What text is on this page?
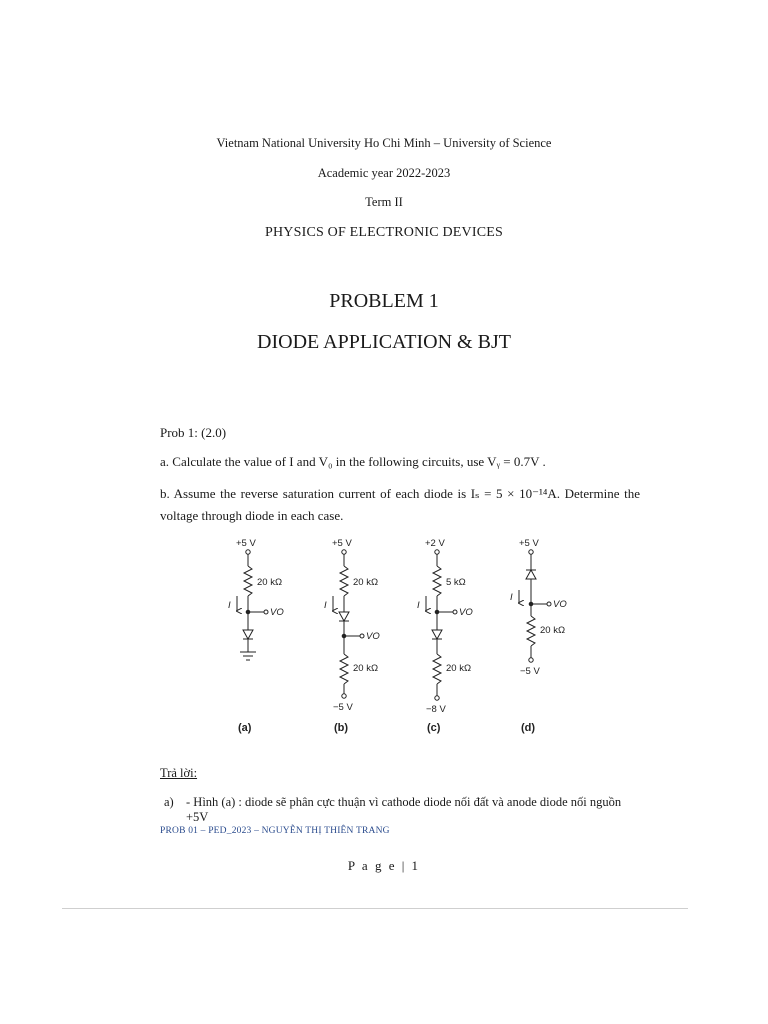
Vietnam National University Ho Chi Minh – University of Science
Academic year 2022-2023
Term II
PHYSICS OF ELECTRONIC DEVICES
PROBLEM 1
DIODE APPLICATION & BJT
Prob 1: (2.0)
a. Calculate the value of I and V₀ in the following circuits, use Vᵧ = 0.7V .
b. Assume the reverse saturation current of each diode is Iₛ = 5 × 10⁻¹⁴A. Determine the voltage through diode in each case.
+5 V
20 kΩ
I
VO
(a)
+5 V
20 kΩ
I
VO
20 kΩ
−5 V
(b)
+2 V
5 kΩ
I
VO
20 kΩ
−8 V
(c)
+5 V
I
VO
20 kΩ
−5 V
(d)
Trả lời:
a) - Hình (a) : diode sẽ phân cực thuận vì cathode diode nối đất và anode diode nối nguồn
+5V
PROB 01 – PED_2023 – NGUYỄN THỊ THIÊN TRANG
P a g e | 1
